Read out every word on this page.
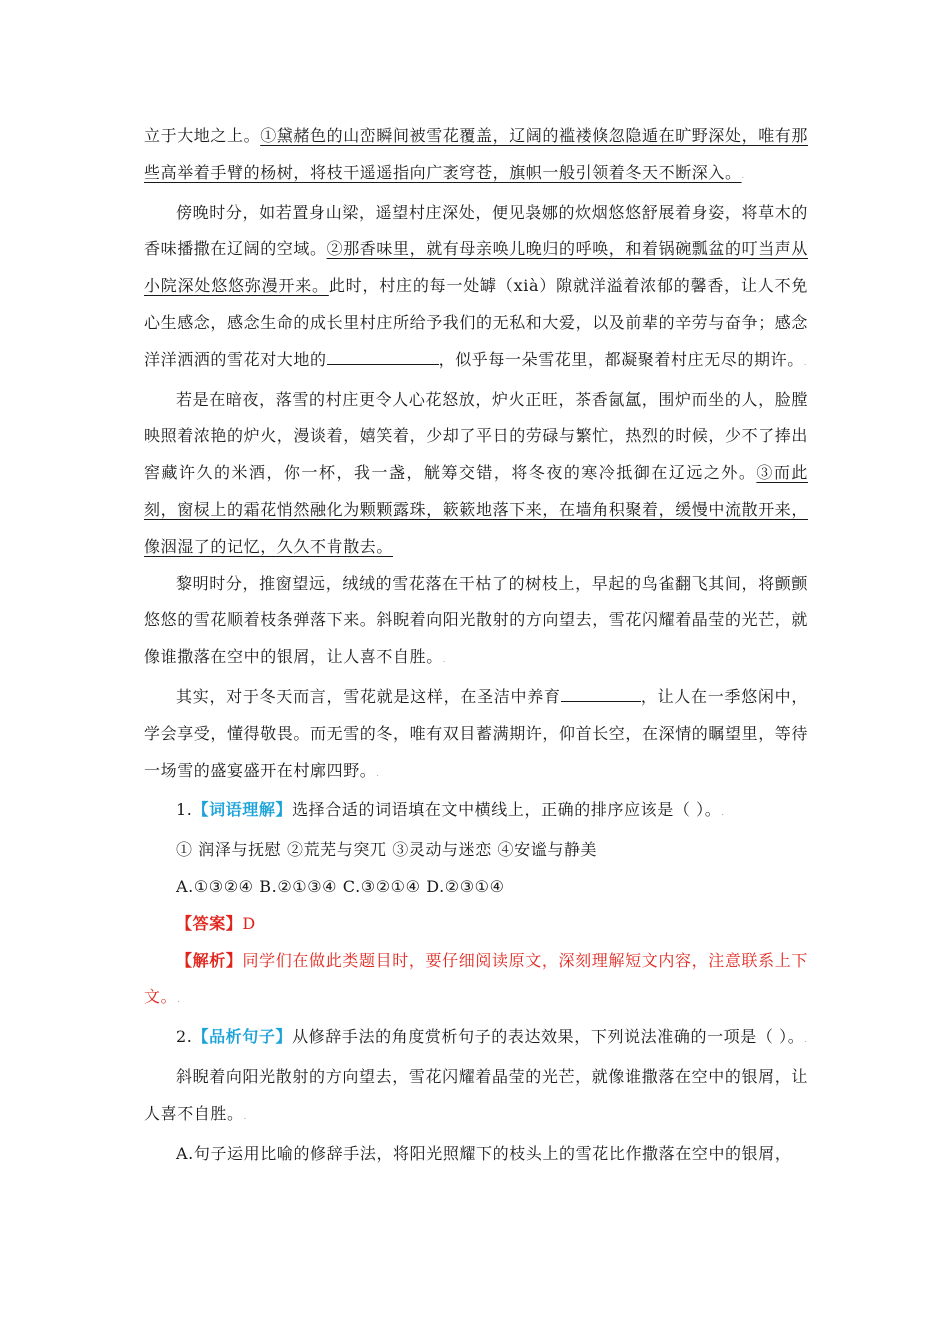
立于大地之上。①黛赭色的山峦瞬间被雪花覆盖，辽阔的褴褛倏忽隐遁在旷野深处，唯有那些高举着手臂的杨树，将枝干遥遥指向广袤穹苍，旗帜一般引领着冬天不断深入。.

傍晚时分，如若置身山梁，遥望村庄深处，便见袅娜的炊烟悠悠舒展着身姿，将草木的香味播撒在辽阔的空域。②那香味里，就有母亲唤儿晚归的呼唤，和着锅碗瓢盆的叮当声从小院深处悠悠弥漫开来。此时，村庄的每一处罅（xià）隙就洋溢着浓郁的馨香，让人不免心生感念，感念生命的成长里村庄所给予我们的无私和大爱，以及前辈的辛劳与奋争；感念洋洋洒洒的雪花对大地的	，似乎每一朵雪花里，都凝聚着村庄无尽的期许。.

若是在暗夜，落雪的村庄更令人心花怒放，炉火正旺，茶香氤氲，围炉而坐的人，脸膛映照着浓艳的炉火，漫谈着，嬉笑着，少却了平日的劳碌与繁忙，热烈的时候，少不了捧出窖藏许久的米酒，你一杯，我一盏，觥筹交错，将冬夜的寒冷抵御在辽远之外。③而此刻，窗棂上的霜花悄然融化为颗颗露珠，簌簌地落下来，在墙角积聚着，缓慢中流散开来，像洇湿了的记忆，久久不肯散去。

黎明时分，推窗望远，绒绒的雪花落在干枯了的树枝上，早起的鸟雀翻飞其间，将颤颤悠悠的雪花顺着枝条弹落下来。斜睨着向阳光散射的方向望去，雪花闪耀着晶莹的光芒，就像谁撒落在空中的银屑，让人喜不自胜。.

其实，对于冬天而言，雪花就是这样，在圣洁中养育	，让人在一季悠闲中，学会享受，懂得敬畏。而无雪的冬，唯有双目蓄满期许，仰首长空，在深情的瞩望里，等待一场雪的盛宴盛开在村廓四野。.

1.【词语理解】选择合适的词语填在文中横线上，正确的排序应该是（ ）。.

① 润泽与抚慰 ②荒芜与突兀 ③灵动与迷恋 ④安谧与静美

A.①③②④ B.②①③④ C.③②①④ D.②③①④

【答案】D

【解析】同学们在做此类题目时，要仔细阅读原文，深刻理解短文内容，注意联系上下文。.

2.【品析句子】从修辞手法的角度赏析句子的表达效果，下列说法准确的一项是（ ）。.

斜睨着向阳光散射的方向望去，雪花闪耀着晶莹的光芒，就像谁撒落在空中的银屑，让人喜不自胜。.

A.句子运用比喻的修辞手法，将阳光照耀下的枝头上的雪花比作撒落在空中的银屑，
